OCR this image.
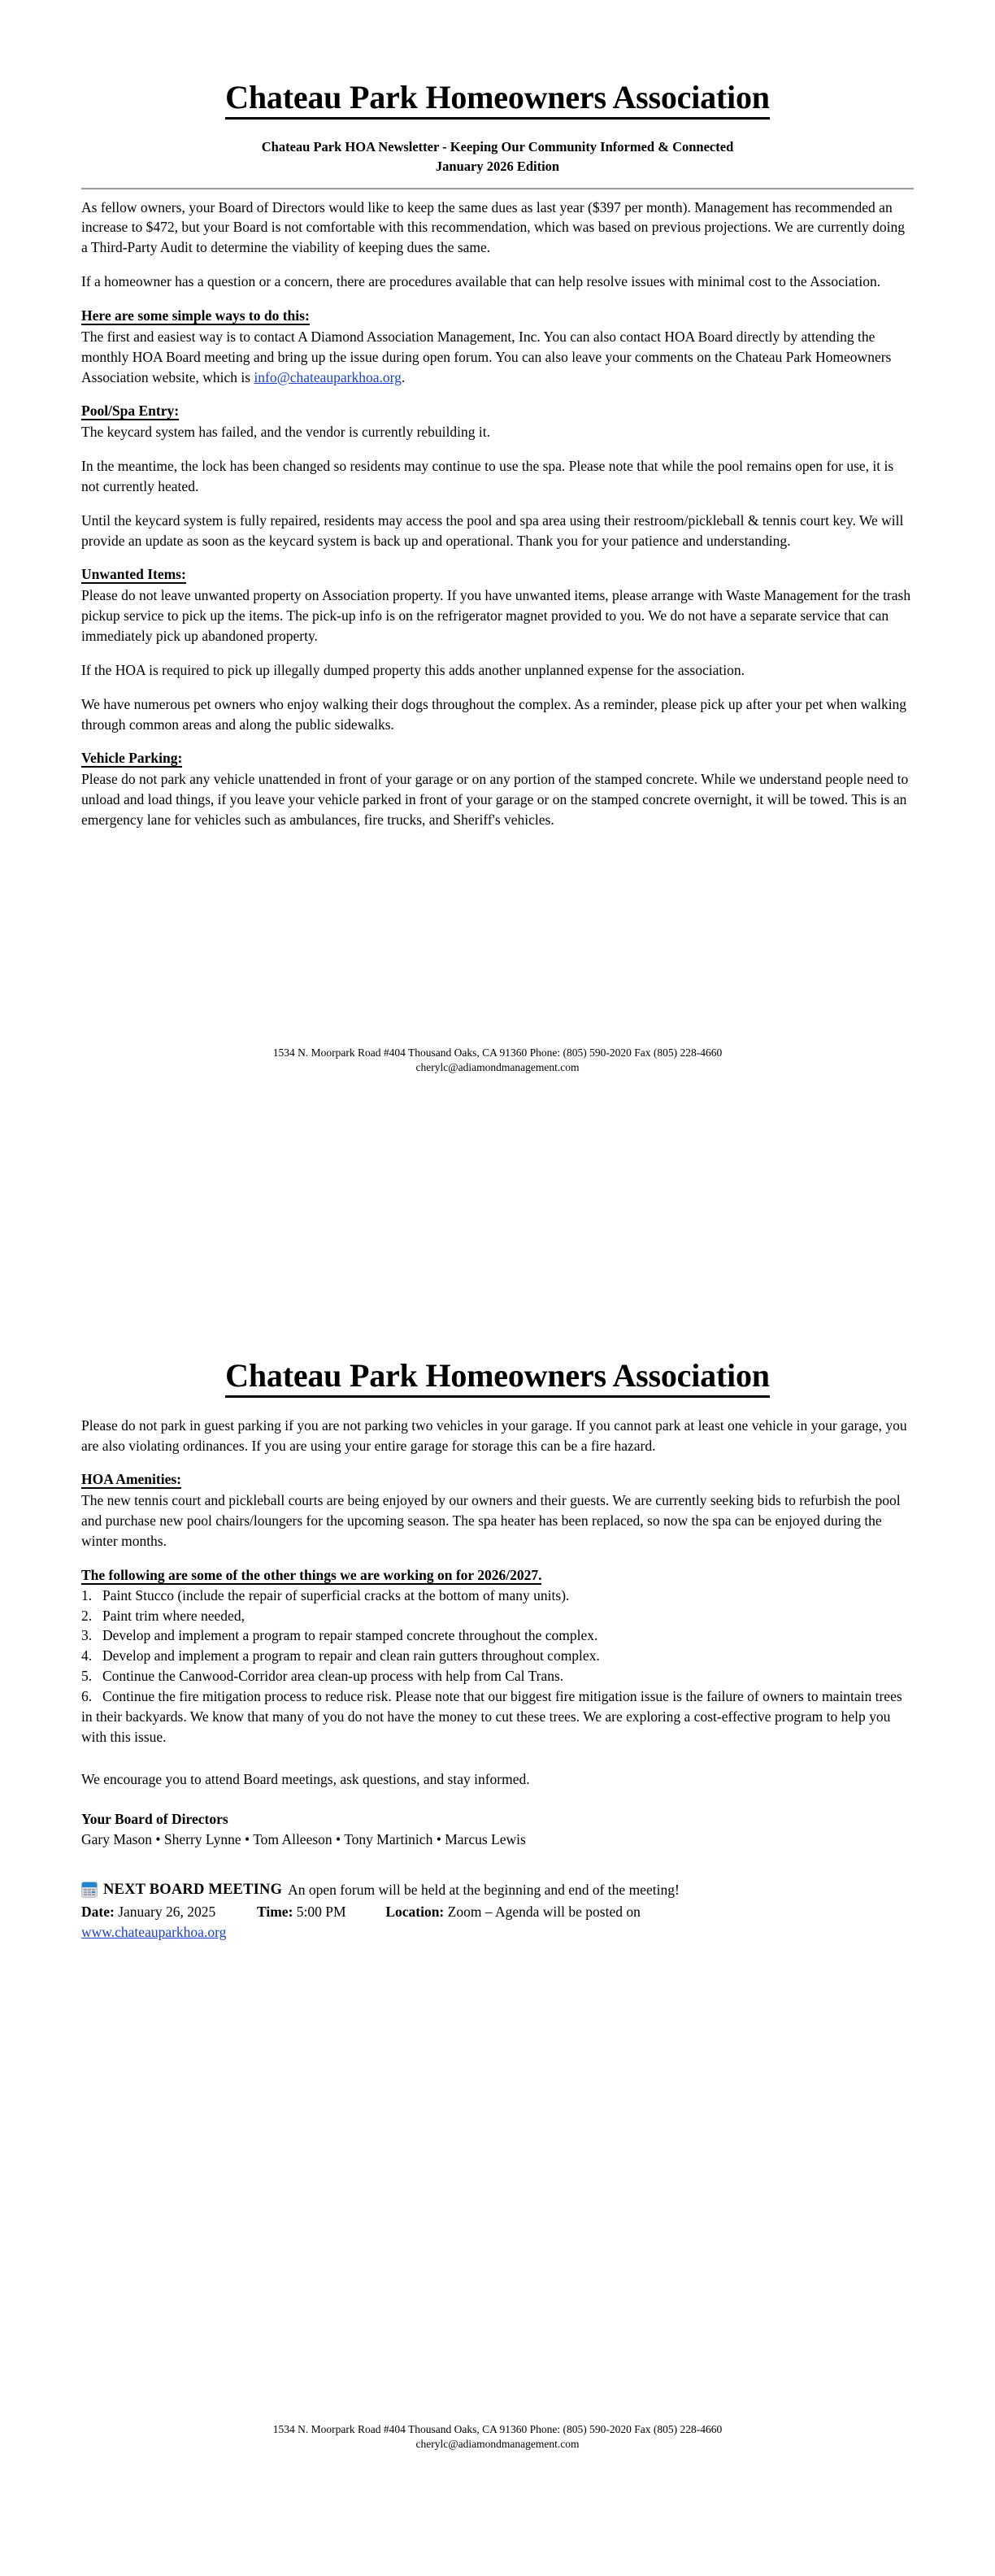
Chateau Park Homeowners Association
Chateau Park HOA Newsletter - Keeping Our Community Informed & Connected
January 2026 Edition

As fellow owners, your Board of Directors would like to keep the same dues as last year ($397 per month). Management has recommended an increase to $472, but your Board is not comfortable with this recommendation, which was based on previous projections. We are currently doing a Third-Party Audit to determine the viability of keeping dues the same.

If a homeowner has a question or a concern, there are procedures available that can help resolve issues with minimal cost to the Association.

Here are some simple ways to do this:

The first and easiest way is to contact A Diamond Association Management, Inc. You can also contact HOA Board directly by attending the monthly HOA Board meeting and bring up the issue during open forum. You can also leave your comments on the Chateau Park Homeowners Association website, which is info@chateauparkhoa.org.

Pool/Spa Entry:

The keycard system has failed, and the vendor is currently rebuilding it.

In the meantime, the lock has been changed so residents may continue to use the spa. Please note that while the pool remains open for use, it is not currently heated.

Until the keycard system is fully repaired, residents may access the pool and spa area using their restroom/pickleball & tennis court key. We will provide an update as soon as the keycard system is back up and operational. Thank you for your patience and understanding.

Unwanted Items:

Please do not leave unwanted property on Association property. If you have unwanted items, please arrange with Waste Management for the trash pickup service to pick up the items. The pick-up info is on the refrigerator magnet provided to you. We do not have a separate service that can immediately pick up abandoned property.

If the HOA is required to pick up illegally dumped property this adds another unplanned expense for the association.

We have numerous pet owners who enjoy walking their dogs throughout the complex. As a reminder, please pick up after your pet when walking through common areas and along the public sidewalks.

Vehicle Parking:

Please do not park any vehicle unattended in front of your garage or on any portion of the stamped concrete. While we understand people need to unload and load things, if you leave your vehicle parked in front of your garage or on the stamped concrete overnight, it will be towed. This is an emergency lane for vehicles such as ambulances, fire trucks, and Sheriff's vehicles.

1534 N. Moorpark Road #404 Thousand Oaks, CA 91360 Phone: (805) 590-2020 Fax (805) 228-4660
cherylc@adiamondmanagement.com
Chateau Park Homeowners Association

Please do not park in guest parking if you are not parking two vehicles in your garage. If you cannot park at least one vehicle in your garage, you are also violating ordinances. If you are using your entire garage for storage this can be a fire hazard.

HOA Amenities:

The new tennis court and pickleball courts are being enjoyed by our owners and their guests. We are currently seeking bids to refurbish the pool and purchase new pool chairs/loungers for the upcoming season. The spa heater has been replaced, so now the spa can be enjoyed during the winter months.

The following are some of the other things we are working on for 2026/2027.
1. Paint Stucco (include the repair of superficial cracks at the bottom of many units).
2. Paint trim where needed,
3. Develop and implement a program to repair stamped concrete throughout the complex.
4. Develop and implement a program to repair and clean rain gutters throughout complex.
5. Continue the Canwood-Corridor area clean-up process with help from Cal Trans.
6. Continue the fire mitigation process to reduce risk. Please note that our biggest fire mitigation issue is the failure of owners to maintain trees in their backyards. We know that many of you do not have the money to cut these trees. We are exploring a cost-effective program to help you with this issue.

We encourage you to attend Board meetings, ask questions, and stay informed.

Your Board of Directors
Gary Mason • Sherry Lynne • Tom Alleeson • Tony Martinich • Marcus Lewis
NEXT BOARD MEETING An open forum will be held at the beginning and end of the meeting!
Date: January 26, 2025	Time: 5:00 PM	Location: Zoom – Agenda will be posted on
www.chateauparkhoa.org
1534 N. Moorpark Road #404 Thousand Oaks, CA 91360 Phone: (805) 590-2020 Fax (805) 228-4660
cherylc@adiamondmanagement.com
